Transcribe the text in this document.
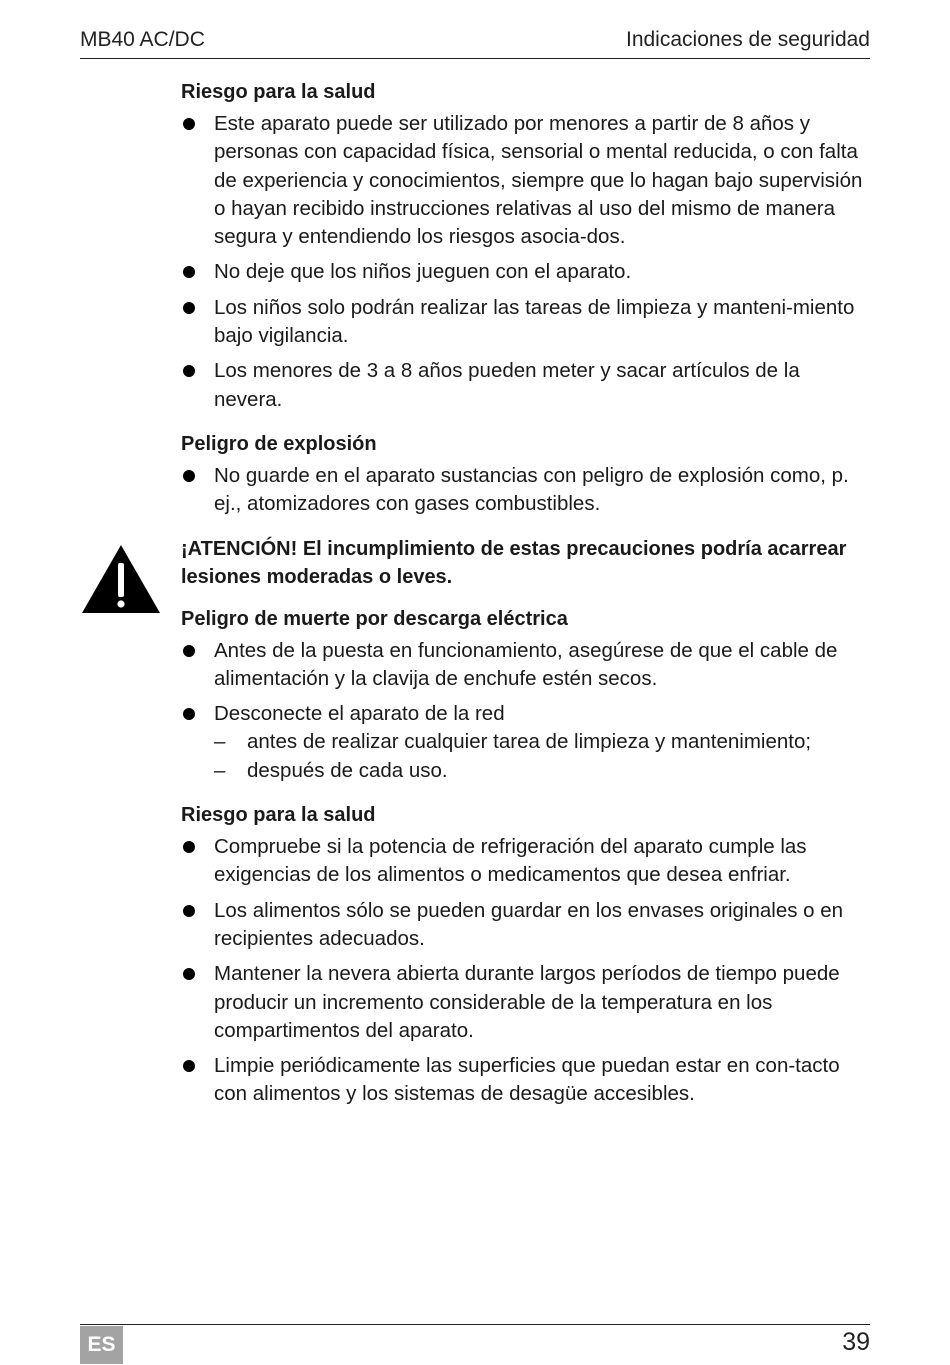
MB40 AC/DC	Indicaciones de seguridad
Riesgo para la salud
Este aparato puede ser utilizado por menores a partir de 8 años y personas con capacidad física, sensorial o mental reducida, o con falta de experiencia y conocimientos, siempre que lo hagan bajo supervisión o hayan recibido instrucciones relativas al uso del mismo de manera segura y entendiendo los riesgos asocia-dos.
No deje que los niños jueguen con el aparato.
Los niños solo podrán realizar las tareas de limpieza y manteni-miento bajo vigilancia.
Los menores de 3 a 8 años pueden meter y sacar artículos de la nevera.
Peligro de explosión
No guarde en el aparato sustancias con peligro de explosión como, p. ej., atomizadores con gases combustibles.
¡ATENCIÓN! El incumplimiento de estas precauciones podría acarrear lesiones moderadas o leves.
Peligro de muerte por descarga eléctrica
Antes de la puesta en funcionamiento, asegúrese de que el cable de alimentación y la clavija de enchufe estén secos.
Desconecte el aparato de la red
– antes de realizar cualquier tarea de limpieza y mantenimiento;
– después de cada uso.
Riesgo para la salud
Compruebe si la potencia de refrigeración del aparato cumple las exigencias de los alimentos o medicamentos que desea enfriar.
Los alimentos sólo se pueden guardar en los envases originales o en recipientes adecuados.
Mantener la nevera abierta durante largos períodos de tiempo puede producir un incremento considerable de la temperatura en los compartimentos del aparato.
Limpie periódicamente las superficies que puedan estar en con-tacto con alimentos y los sistemas de desagüe accesibles.
ES	39
